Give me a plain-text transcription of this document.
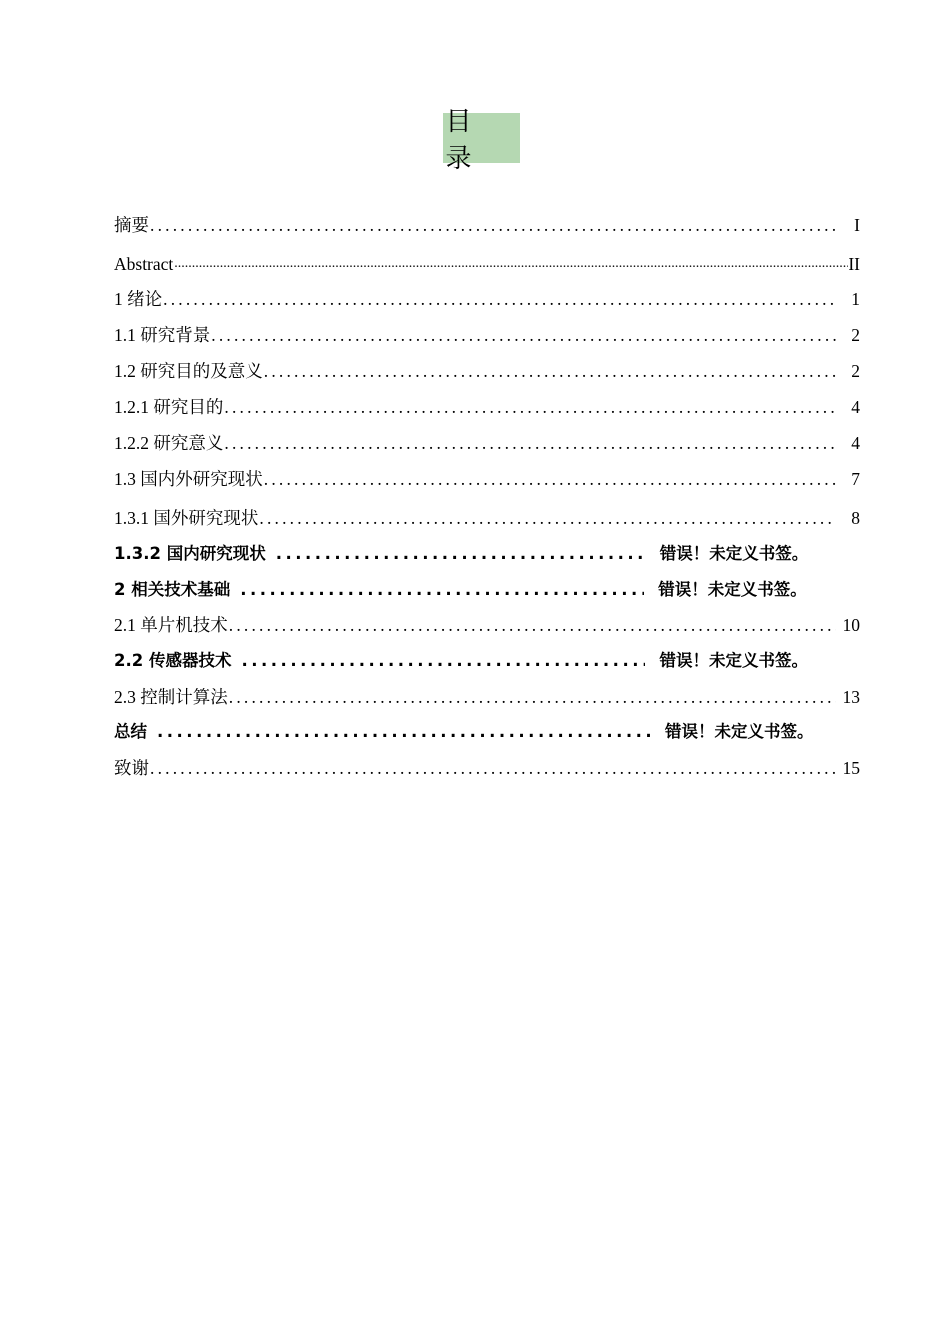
目　录
摘要 .....	I
Abstract .....	II
1 绪论 .....	1
1.1 研究背景 .....	2
1.2 研究目的及意义 .....	2
1.2.1 研究目的 .....	4
1.2.2 研究意义 .....	4
1.3 国内外研究现状 .....	7
1.3.1 国外研究现状 .....	8
1.3.2 国内研究现状 .....	错误！未定义书签。
2 相关技术基础 .....	错误！未定义书签。
2.1 单片机技术 .....	10
2.2 传感器技术 .....	错误！未定义书签。
2.3 控制计算法 .....	13
总结 .....	错误！未定义书签。
致谢 .....	15
